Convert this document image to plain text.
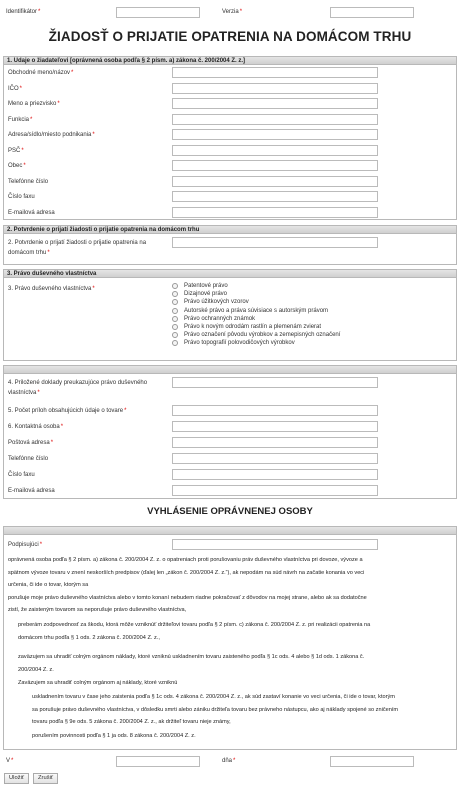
Identifikátor*	Verzia*
ŽIADOSŤ O PRIJATIE OPATRENIA NA DOMÁCOM TRHU
1. Údaje o žiadateľovi [oprávnená osoba podľa § 2 písm. a) zákona č. 200/2004 Z. z.]
Obchodné meno/názov*
IČO*
Meno a priezvisko*
Funkcia*
Adresa/sídlo/miesto podnikania*
PSČ*
Obec*
Telefónne číslo
Číslo faxu
E-mailová adresa
2. Potvrdenie o prijatí žiadosti o prijatie opatrenia na domácom trhu
2. Potvrdenie o prijatí žiadosti o prijatie opatrenia na
domácom trhu*
3. Právo duševného vlastníctva
3. Právo duševného vlastníctva*	Patentové právo
Dizajnové právo
Právo úžitkových vzorov
Autorské právo a práva súvisiace s autorským právom
Právo ochranných známok
Právo k novým odrodám rastlín a plemenám zvierat
Právo označení pôvodu výrobkov a zemepisných označení
Právo topografií polovodičových výrobkov
4. Priložené doklady preukazujúce právo duševného
vlastníctva*
5. Počet príloh obsahujúcich údaje o tovare*
6. Kontaktná osoba*
Poštová adresa*
Telefónne číslo
Číslo faxu
E-mailová adresa
VYHLÁSENIE OPRÁVNENEJ OSOBY
Podpisujúci*
oprávnená osoba podľa § 2 písm. a) zákona č. 200/2004 Z. z. o opatreniach proti porušovaniu práv duševného vlastníctva pri dovoze, vývoze a
spätnom vývoze tovaru v znení neskorších predpisov (ďalej len „zákon č. 200/2004 Z. z.“), ak nepodám na súd návrh na začatie konania vo veci
určenia, či ide o tovar, ktorým sa
porušuje moje právo duševného vlastníctva alebo v tomto konaní nebudem riadne pokračovať z dôvodov na mojej strane, alebo ak sa dodatočne
zistí, že zaisteným tovarom sa neporušuje právo duševného vlastníctva,
preberám zodpovednosť za škodu, ktorá môže vzniknúť držiteľovi tovaru podľa § 2 písm. c) zákona č. 200/2004 Z. z. pri realizácii opatrenia na
domácom trhu podľa § 1 ods. 2 zákona č. 200/2004 Z. z.,
zaväzujem sa uhradiť colným orgánom náklady, ktoré vzniknú uskladnením tovaru zaisteného podľa § 1c ods. 4 alebo § 1d ods. 1 zákona č.
200/2004 Z. z.
Zaväzujem sa uhradiť colným orgánom aj náklady, ktoré vzniknú
uskladnením tovaru v čase jeho zaistenia podľa § 1c ods. 4 zákona č. 200/2004 Z. z., ak súd zastaví konanie vo veci určenia, či ide o tovar, ktorým
sa porušuje právo duševného vlastníctva, v dôsledku smrti alebo zániku držiteľa tovaru bez právneho nástupcu, ako aj náklady spojené so zničením
tovaru podľa § 9e ods. 5 zákona č. 200/2004 Z. z., ak držiteľ tovaru nieje známy,
porušením povinnosti podľa § 1 ja ods. 8 zákona č. 200/2004 Z. z.
V*	dňa*
Uložiť	Zrušiť
